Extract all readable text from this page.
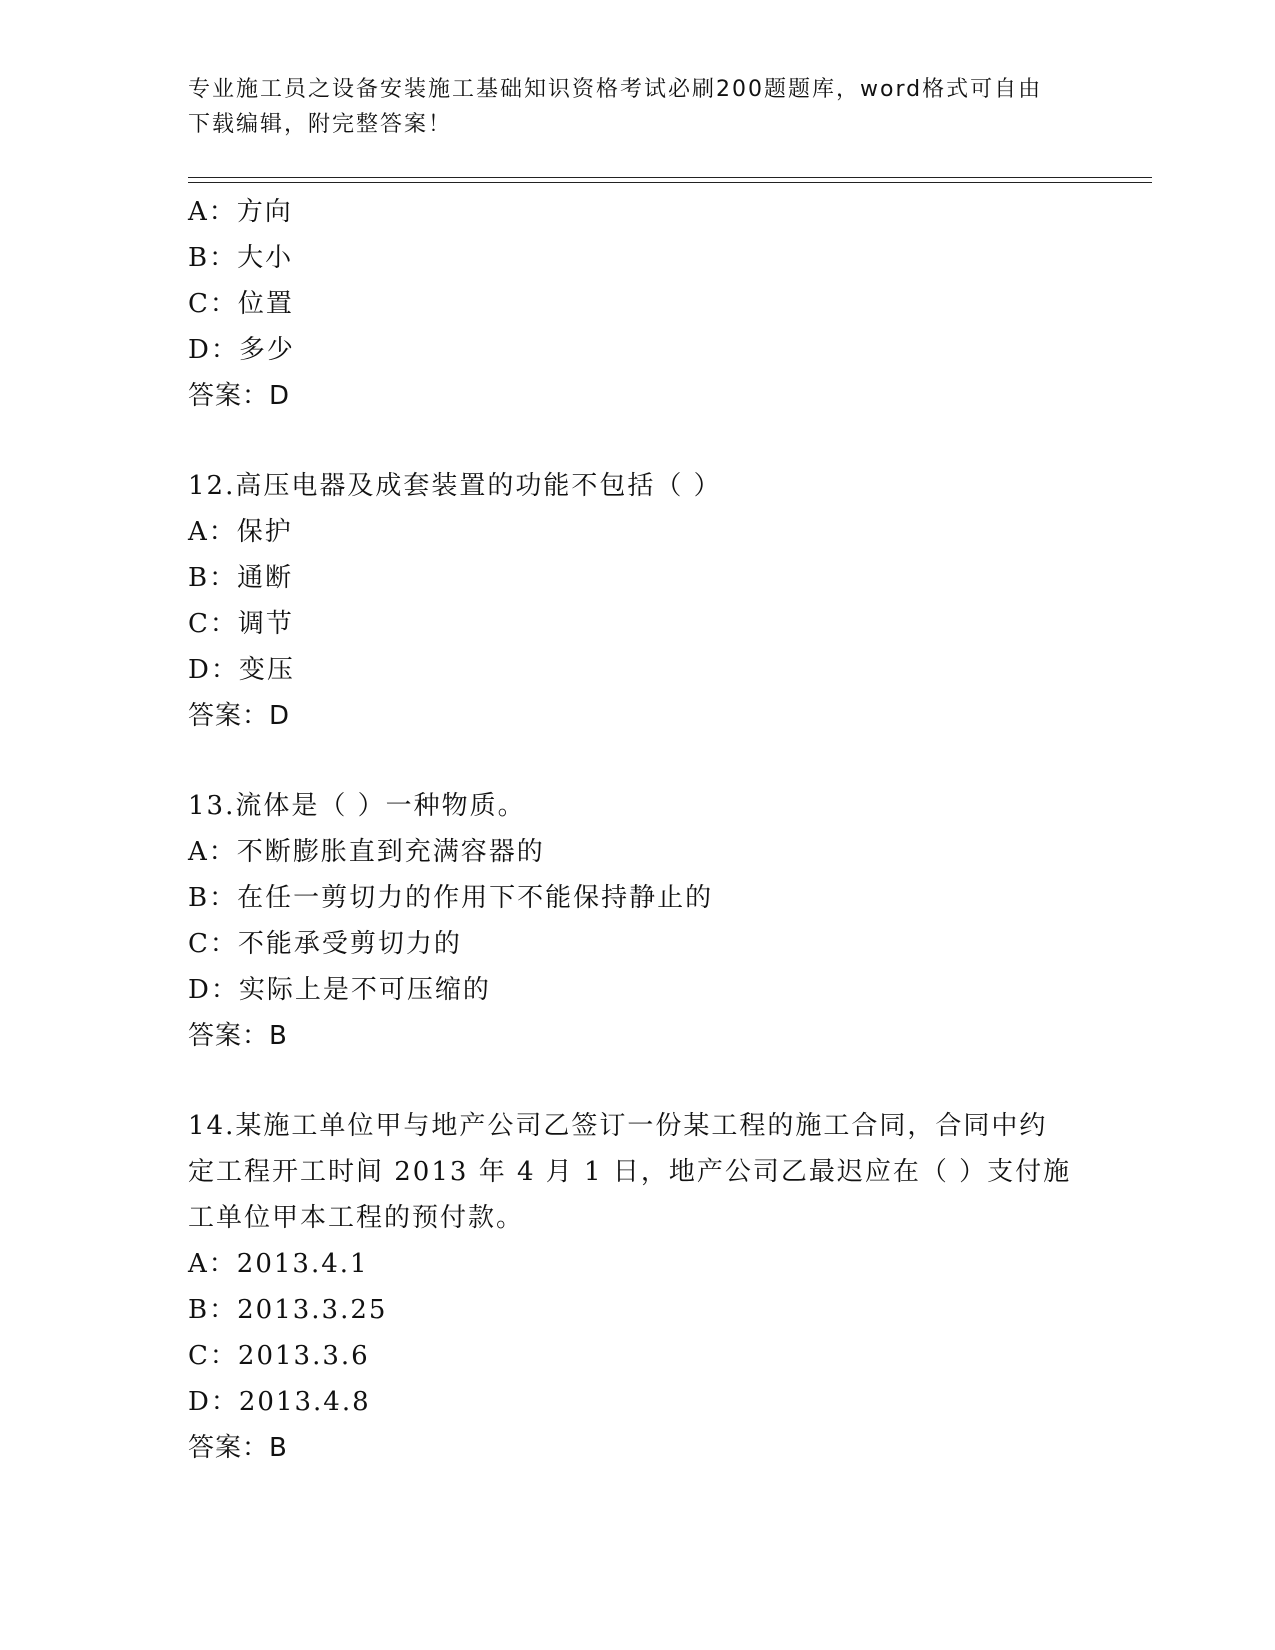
专业施工员之设备安装施工基础知识资格考试必刷200题题库，word格式可自由
下载编辑，附完整答案！
A：方向
B：大小
C：位置
D：多少
答案：D
12.高压电器及成套装置的功能不包括（ ）
A：保护
B：通断
C：调节
D：变压
答案：D
13.流体是（ ）一种物质。
A：不断膨胀直到充满容器的
B：在任一剪切力的作用下不能保持静止的
C：不能承受剪切力的
D：实际上是不可压缩的
答案：B
14.某施工单位甲与地产公司乙签订一份某工程的施工合同，合同中约
定工程开工时间 2013 年 4 月 1 日，地产公司乙最迟应在（ ）支付施
工单位甲本工程的预付款。
A：2013.4.1
B：2013.3.25
C：2013.3.6
D：2013.4.8
答案：B
